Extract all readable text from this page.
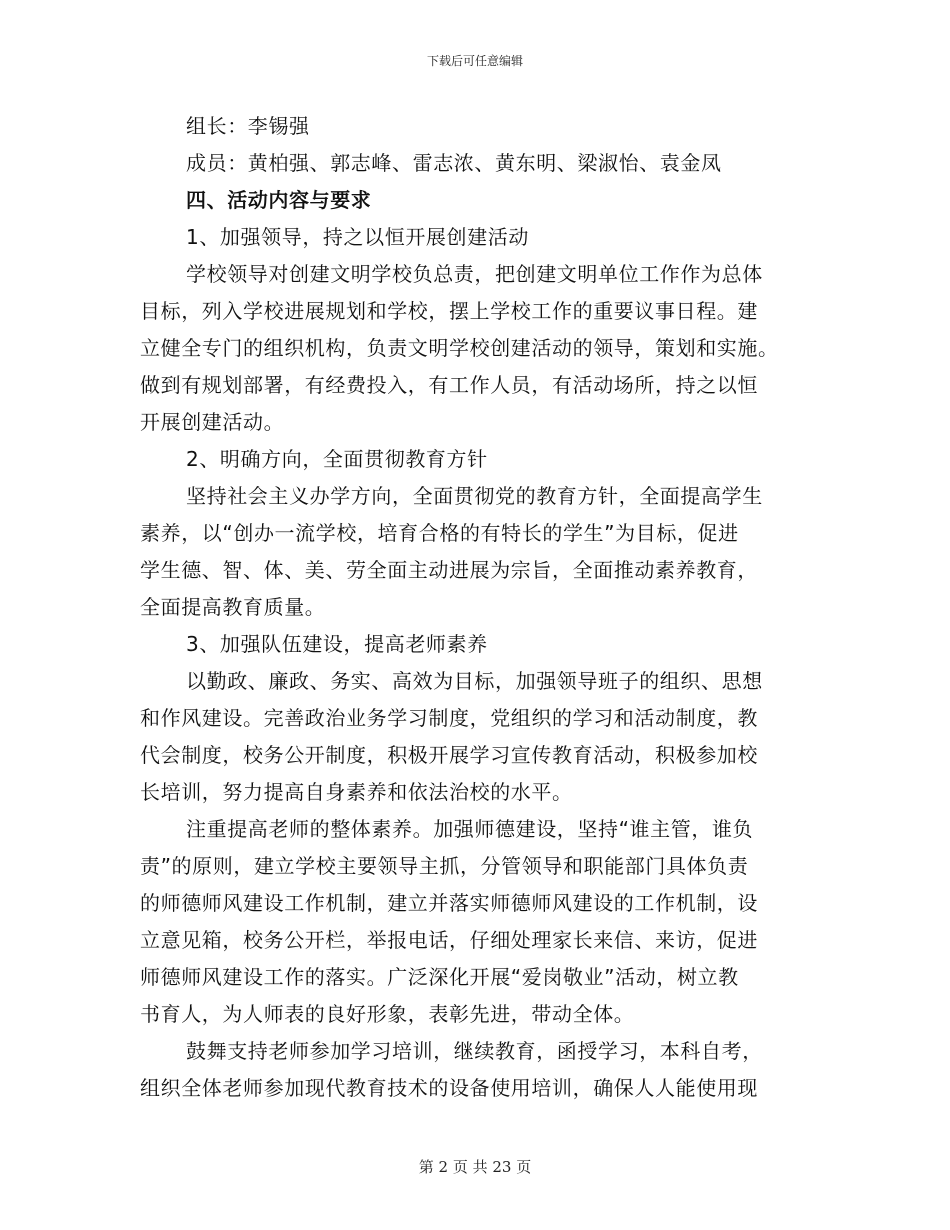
下载后可任意编辑
组长：李锡强
成员：黄柏强、郭志峰、雷志浓、黄东明、梁淑怡、袁金凤
四、活动内容与要求
1、加强领导，持之以恒开展创建活动
学校领导对创建文明学校负总责，把创建文明单位工作作为总体
目标，列入学校进展规划和学校，摆上学校工作的重要议事日程。建
立健全专门的组织机构，负责文明学校创建活动的领导，策划和实施。
做到有规划部署，有经费投入，有工作人员，有活动场所，持之以恒
开展创建活动。
2、明确方向，全面贯彻教育方针
坚持社会主义办学方向，全面贯彻党的教育方针，全面提高学生
素养，以“创办一流学校，培育合格的有特长的学生”为目标，促进
学生德、智、体、美、劳全面主动进展为宗旨，全面推动素养教育，
全面提高教育质量。
3、加强队伍建设，提高老师素养
以勤政、廉政、务实、高效为目标，加强领导班子的组织、思想
和作风建设。完善政治业务学习制度，党组织的学习和活动制度，教
代会制度，校务公开制度，积极开展学习宣传教育活动，积极参加校
长培训，努力提高自身素养和依法治校的水平。
注重提高老师的整体素养。加强师德建设，坚持“谁主管，谁负
责”的原则，建立学校主要领导主抓，分管领导和职能部门具体负责
的师德师风建设工作机制，建立并落实师德师风建设的工作机制，设
立意见箱，校务公开栏，举报电话，仔细处理家长来信、来访，促进
师德师风建设工作的落实。广泛深化开展“爱岗敬业”活动，树立教
书育人，为人师表的良好形象，表彰先进，带动全体。
鼓舞支持老师参加学习培训，继续教育，函授学习，本科自考，
组织全体老师参加现代教育技术的设备使用培训，确保人人能使用现
第 2 页 共 23 页
